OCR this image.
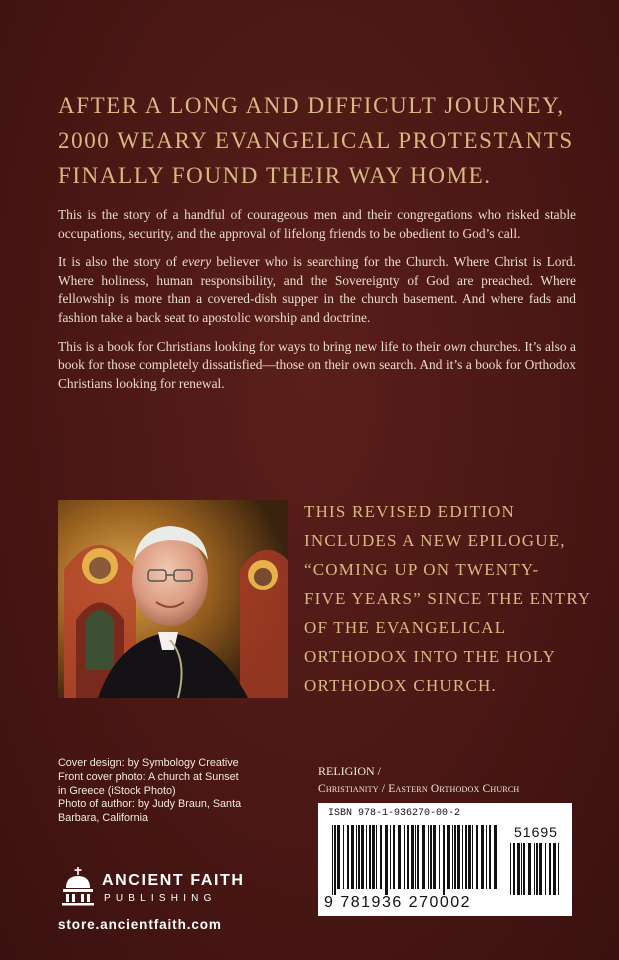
AFTER A LONG AND DIFFICULT JOURNEY,
2000 WEARY EVANGELICAL PROTESTANTS
FINALLY FOUND THEIR WAY HOME.

This is the story of a handful of courageous men and their congregations who risked stable occupations, security, and the approval of lifelong friends to be obedient to God’s call.

It is also the story of every believer who is searching for the Church. Where Christ is Lord. Where holiness, human responsibility, and the Sovereignty of God are preached. Where fellowship is more than a covered-dish supper in the church basement. And where fads and fashion take a back seat to apostolic worship and doctrine.

This is a book for Christians looking for ways to bring new life to their own churches. It’s also a book for those completely dissatisfied—those on their own search. And it’s a book for Orthodox Christians looking for renewal.

THIS REVISED EDITION
INCLUDES A NEW EPILOGUE,
“COMING UP ON TWENTY-
FIVE YEARS” SINCE THE ENTRY
OF THE EVANGELICAL
ORTHODOX INTO THE HOLY
ORTHODOX CHURCH.
Cover design: by Symbology Creative
Front cover photo: A church at Sunset
in Greece (iStock Photo)
Photo of author: by Judy Braun, Santa
Barbara, California
RELIGION /
Christianity / Eastern Orthodox Church
ISBN 978-1-936270-00-2
51695
9 781936 270002
ANCIENT FAITH
PUBLISHING
store.ancientfaith.com
